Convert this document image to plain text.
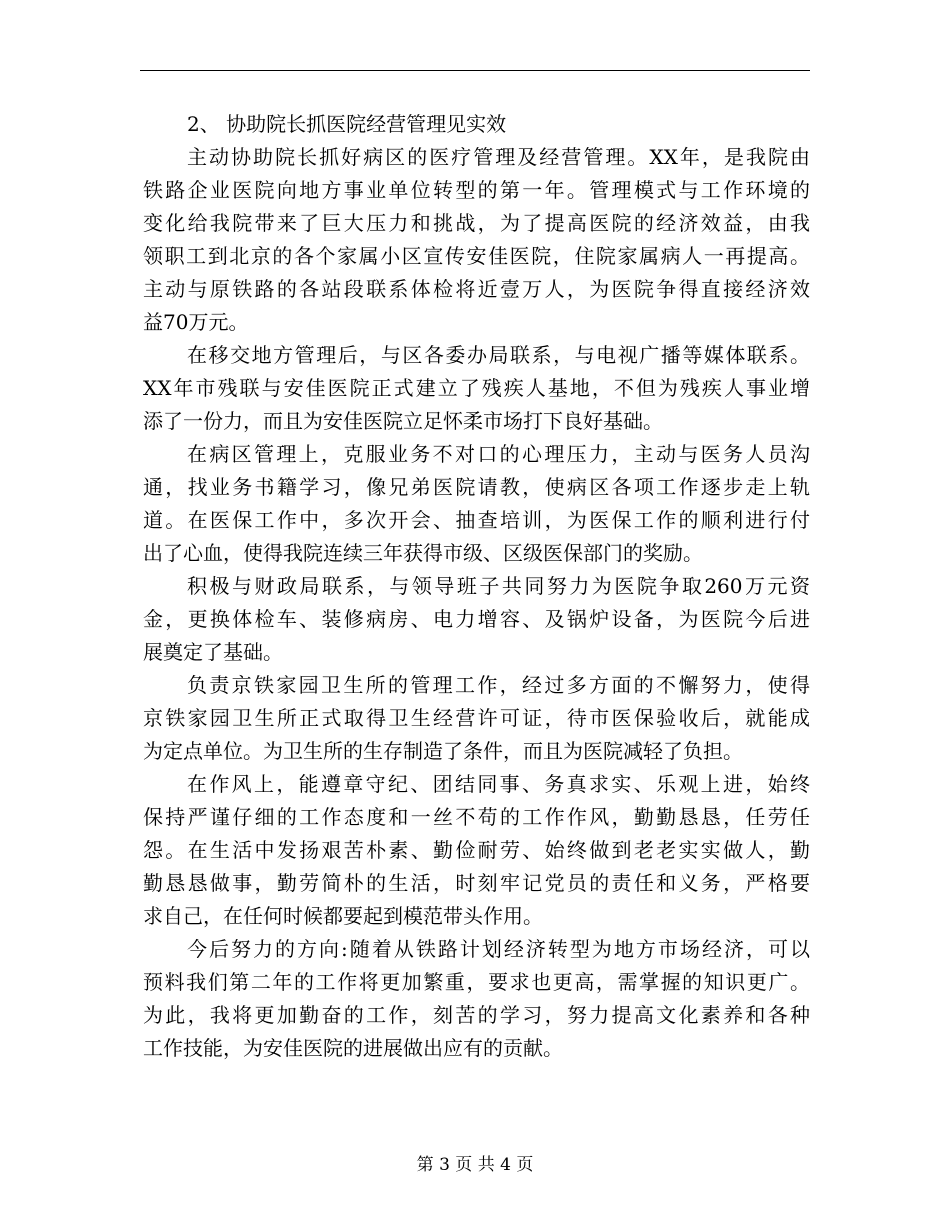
2、 协助院长抓医院经营管理见实效

主动协助院长抓好病区的医疗管理及经营管理。XX年，是我院由
铁路企业医院向地方事业单位转型的第一年。管理模式与工作环境的
变化给我院带来了巨大压力和挑战，为了提高医院的经济效益，由我
领职工到北京的各个家属小区宣传安佳医院，住院家属病人一再提高。
主动与原铁路的各站段联系体检将近壹万人，为医院争得直接经济效
益70万元。

在移交地方管理后，与区各委办局联系，与电视广播等媒体联系。
XX年市残联与安佳医院正式建立了残疾人基地，不但为残疾人事业增
添了一份力，而且为安佳医院立足怀柔市场打下良好基础。

在病区管理上，克服业务不对口的心理压力，主动与医务人员沟
通，找业务书籍学习，像兄弟医院请教，使病区各项工作逐步走上轨
道。在医保工作中，多次开会、抽查培训，为医保工作的顺利进行付
出了心血，使得我院连续三年获得市级、区级医保部门的奖励。

积极与财政局联系，与领导班子共同努力为医院争取260万元资
金，更换体检车、装修病房、电力增容、及锅炉设备，为医院今后进
展奠定了基础。

负责京铁家园卫生所的管理工作，经过多方面的不懈努力，使得
京铁家园卫生所正式取得卫生经营许可证，待市医保验收后，就能成
为定点单位。为卫生所的生存制造了条件，而且为医院减轻了负担。

在作风上，能遵章守纪、团结同事、务真求实、乐观上进，始终
保持严谨仔细的工作态度和一丝不苟的工作作风，勤勤恳恳，任劳任
怨。在生活中发扬艰苦朴素、勤俭耐劳、始终做到老老实实做人，勤
勤恳恳做事，勤劳简朴的生活，时刻牢记党员的责任和义务，严格要
求自己，在任何时候都要起到模范带头作用。

今后努力的方向:随着从铁路计划经济转型为地方市场经济，可以
预料我们第二年的工作将更加繁重，要求也更高，需掌握的知识更广。
为此，我将更加勤奋的工作，刻苦的学习，努力提高文化素养和各种
工作技能，为安佳医院的进展做出应有的贡献。

第 3 页 共 4 页
